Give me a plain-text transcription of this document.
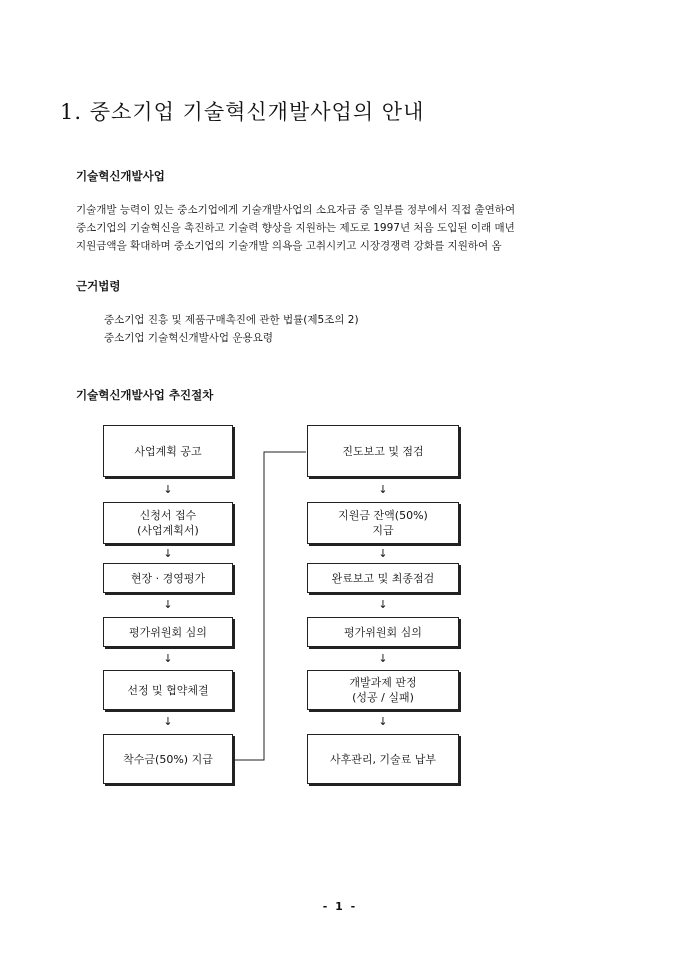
1. 중소기업 기술혁신개발사업의 안내
기술혁신개발사업
기술개발 능력이 있는 중소기업에게 기술개발사업의 소요자금 중 일부를 정부에서 직접 출연하여
중소기업의 기술혁신을 촉진하고 기술력 향상을 지원하는 제도로 1997년 처음 도입된 이래 매년
지원금액을 확대하며 중소기업의 기술개발 의욕을 고취시키고 시장경쟁력 강화를 지원하여 옴
근거법령
중소기업 진흥 및 제품구매촉진에 관한 법률(제5조의 2)
중소기업 기술혁신개발사업 운용요령
기술혁신개발사업 추진절차
사업계획 공고
↓
신청서 접수
(사업계획서)
↓
현장 · 경영평가
↓
평가위원회 심의
↓
선정 및 협약체결
↓
착수금(50%) 지급
진도보고 및 점검
↓
지원금 잔액(50%)
지급
↓
완료보고 및 최종점검
↓
평가위원회 심의
↓
개발과제 판정
(성공 / 실패)
↓
사후관리, 기술료 납부
- 1 -
